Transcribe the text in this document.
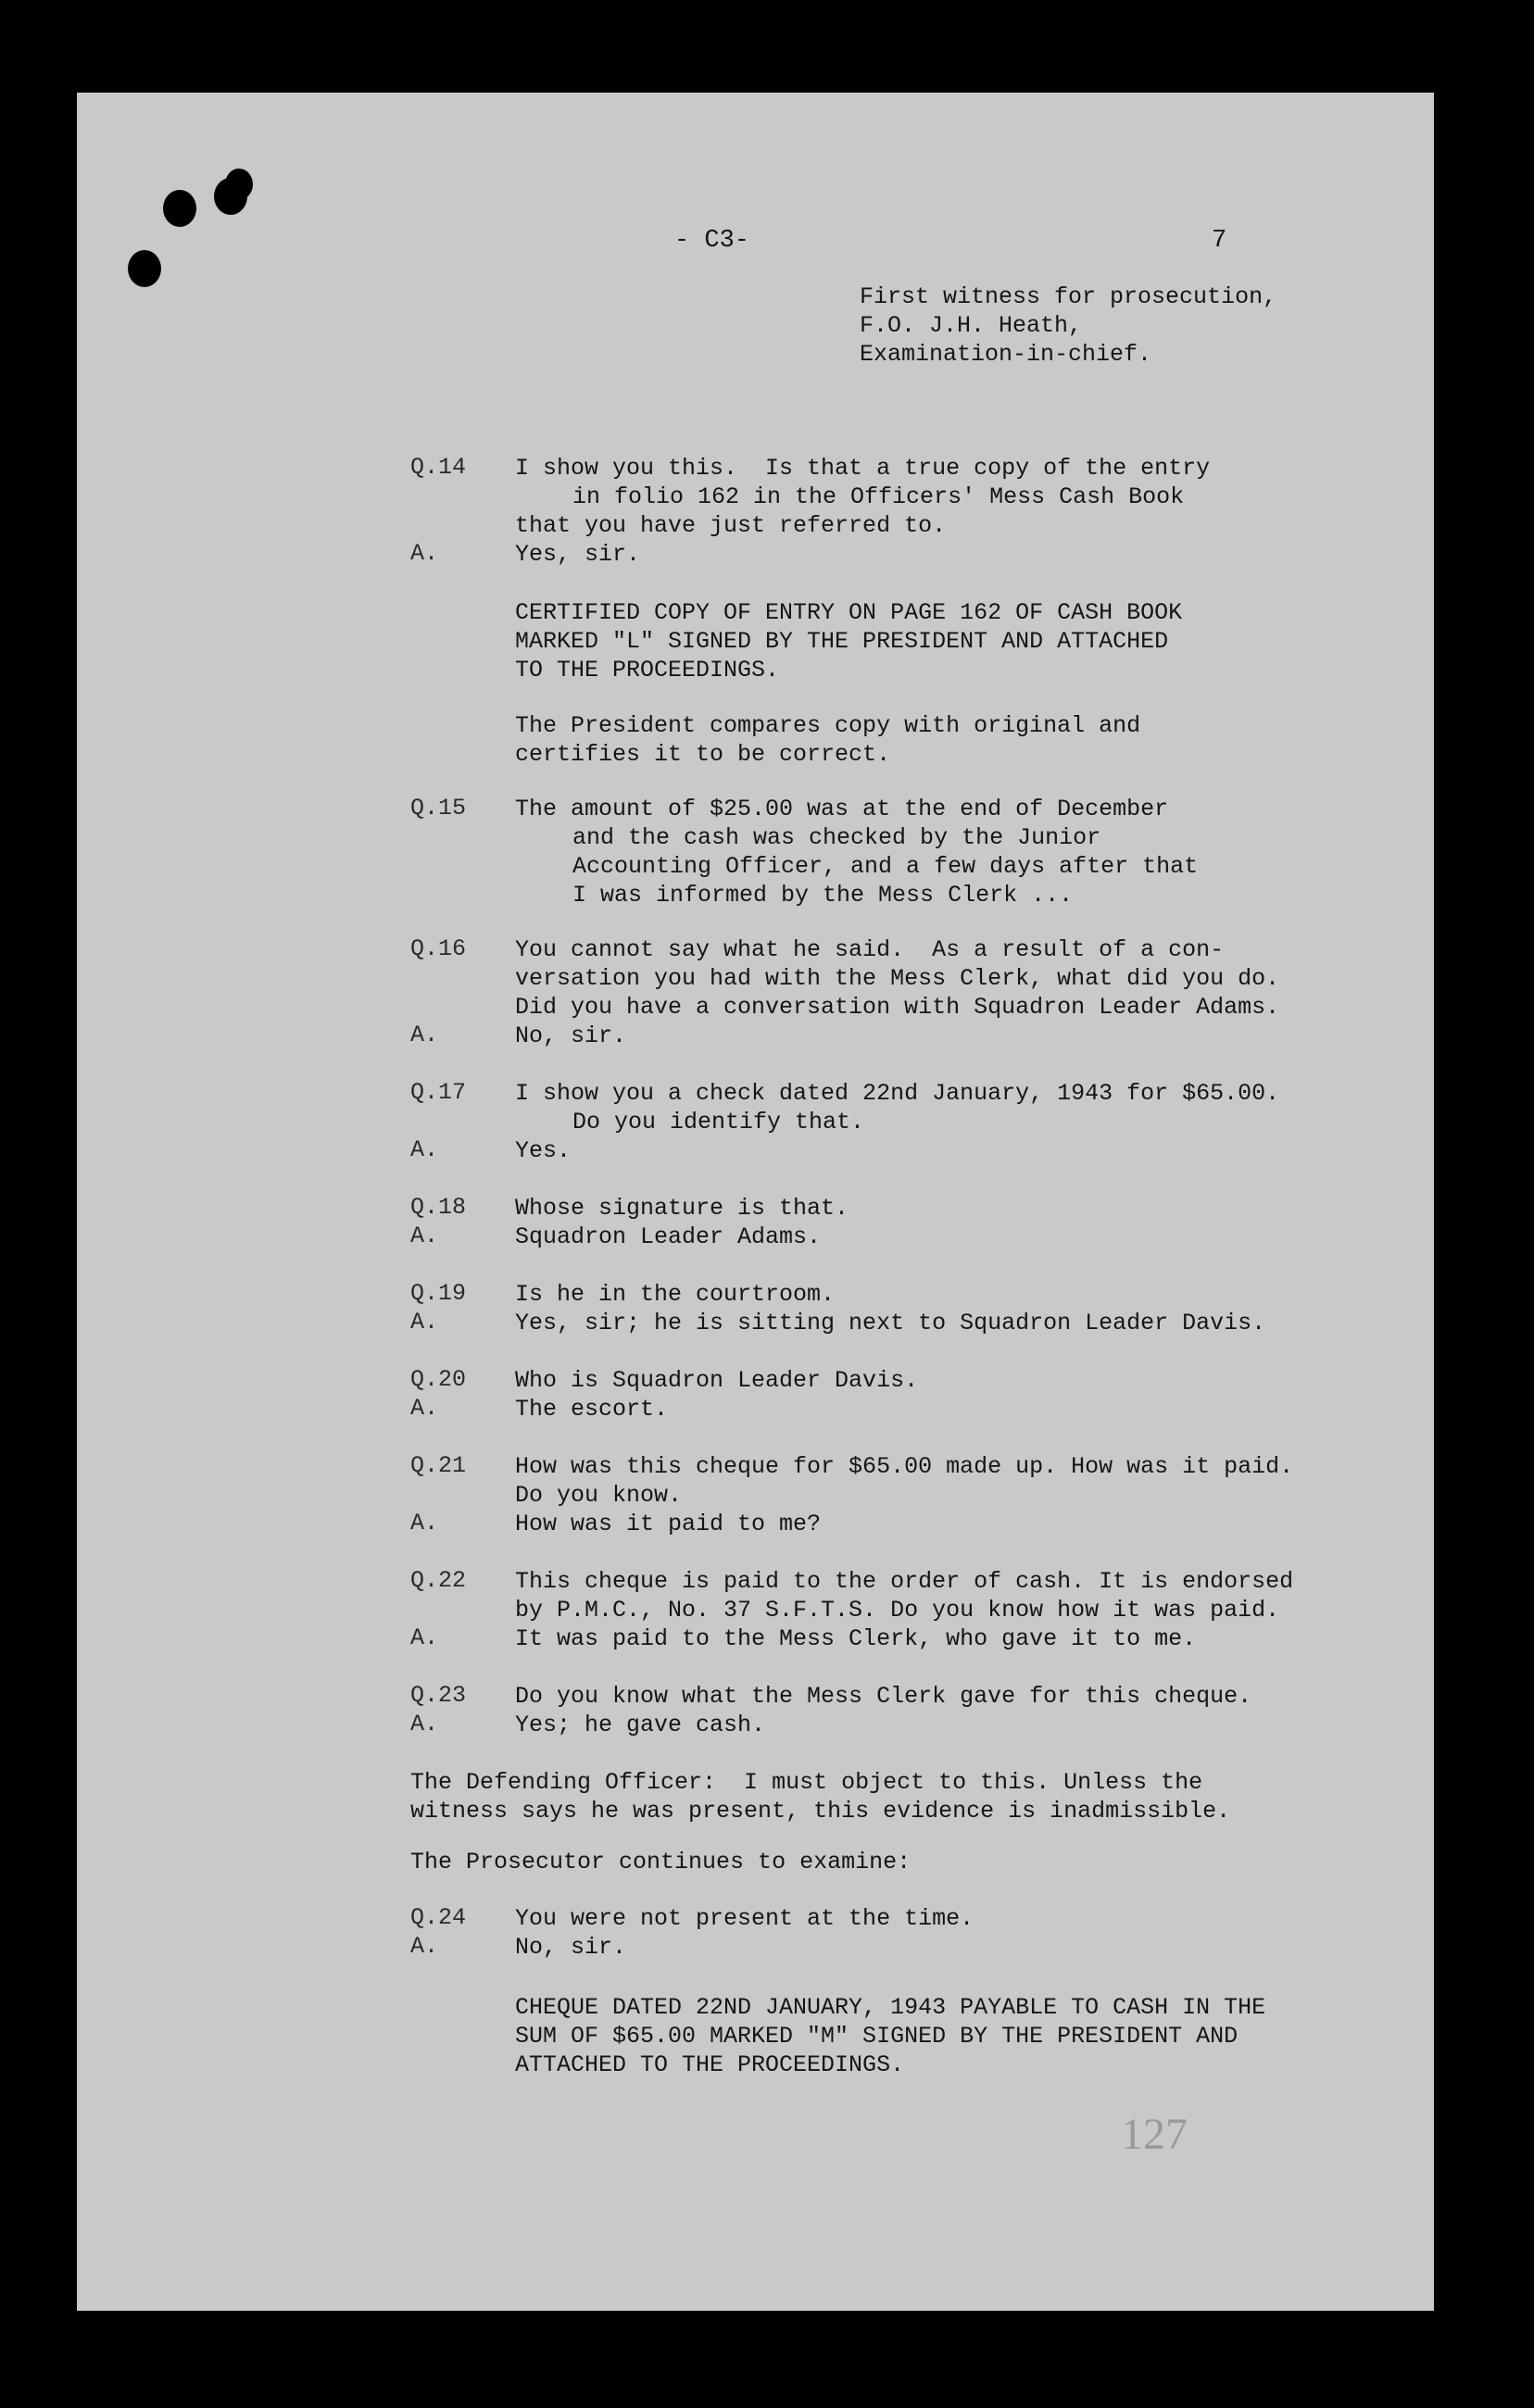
- C3-	7
First witness for prosecution,
F.O. J.H. Heath,
Examination-in-chief.
Q.14 I show you this.  Is that a true copy of the entry
in folio 162 in the Officers' Mess Cash Book
that you have just referred to.
A.	Yes, sir.
CERTIFIED COPY OF ENTRY ON PAGE 162 OF CASH BOOK
MARKED "L" SIGNED BY THE PRESIDENT AND ATTACHED
TO THE PROCEEDINGS.
The President compares copy with original and
certifies it to be correct.
Q.15 The amount of $25.00 was at the end of December
and the cash was checked by the Junior
Accounting Officer, and a few days after that
I was informed by the Mess Clerk ...
Q.16 You cannot say what he said.  As a result of a con-
versation you had with the Mess Clerk, what did you do.
Did you have a conversation with Squadron Leader Adams.
A.	No, sir.
Q.17 I show you a check dated 22nd January, 1943 for $65.00.
Do you identify that.
A.	Yes.
Q.18 Whose signature is that.
A.	Squadron Leader Adams.
Q.19 Is he in the courtroom.
A.	Yes, sir; he is sitting next to Squadron Leader Davis.
Q.20 Who is Squadron Leader Davis.
A.	The escort.
Q.21 How was this cheque for $65.00 made up. How was it paid.
Do you know.
A.	How was it paid to me?
Q.22 This cheque is paid to the order of cash. It is endorsed
by P.M.C., No. 37 S.F.T.S. Do you know how it was paid.
A.	It was paid to the Mess Clerk, who gave it to me.
Q.23 Do you know what the Mess Clerk gave for this cheque.
A.	Yes; he gave cash.
The Defending Officer:  I must object to this. Unless the
witness says he was present, this evidence is inadmissible.
The Prosecutor continues to examine:
Q.24 You were not present at the time.
A.	No, sir.
CHEQUE DATED 22ND JANUARY, 1943 PAYABLE TO CASH IN THE
SUM OF $65.00 MARKED "M" SIGNED BY THE PRESIDENT AND
ATTACHED TO THE PROCEEDINGS.
127
